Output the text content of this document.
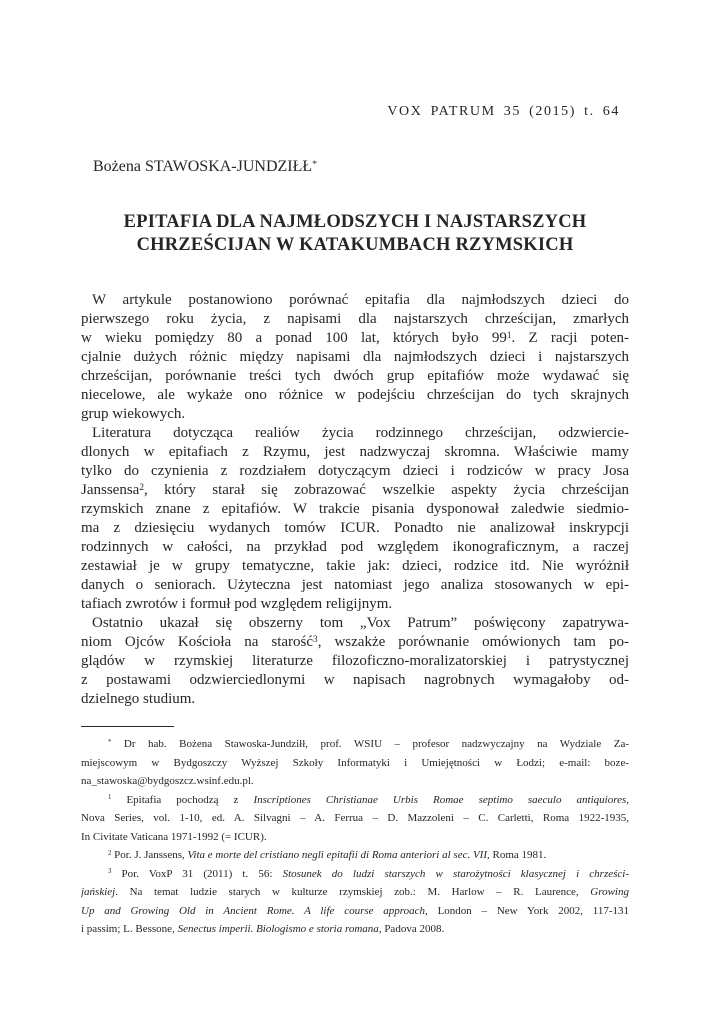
VOX PATRUM 35 (2015) t. 64
Bożena STAWOSKA-JUNDZIŁŁ*
EPITAFIA DLA NAJMŁODSZYCH I NAJSTARSZYCH
CHRZEŚCIJAN W KATAKUMBACH RZYMSKICH
W artykule postanowiono porównać epitafia dla najmłodszych dzieci do
pierwszego roku życia, z napisami dla najstarszych chrześcijan, zmarłych
w wieku pomiędzy 80 a ponad 100 lat, których było $99^1$. Z racji poten-
cjalnie dużych różnic między napisami dla najmłodszych dzieci i najstarszych
chrześcijan, porównanie treści tych dwóch grup epitafiów może wydawać się
niecelowe, ale wykaże ono różnice w podejściu chrześcijan do tych skrajnych
grup wiekowych.
Literatura dotycząca realiów życia rodzinnego chrześcijan, odzwiercie-
dlonych w epitafiach z Rzymu, jest nadzwyczaj skromna. Właściwie mamy
tylko do czynienia z rozdziałem dotyczącym dzieci i rodziców w pracy Josa
Janssensa$^2$, który starał się zobrazować wszelkie aspekty życia chrześcijan
rzymskich znane z epitafiów. W trakcie pisania dysponował zaledwie siedmio-
ma z dziesięciu wydanych tomów ICUR. Ponadto nie analizował inskrypcji
rodzinnych w całości, na przykład pod względem ikonograficznym, a raczej
zestawiał je w grupy tematyczne, takie jak: dzieci, rodzice itd. Nie wyróżnił
danych o seniorach. Użyteczna jest natomiast jego analiza stosowanych w epi-
tafiach zwrotów i formuł pod względem religijnym.
Ostatnio ukazał się obszerny tom „Vox Patrum” poświęcony zapatrywa-
niom Ojców Kościoła na starość$^3$, wszakże porównanie omówionych tam po-
glądów w rzymskiej literaturze filozoficzno-moralizatorskiej i patrystycznej
z postawami odzwierciedlonymi w napisach nagrobnych wymagałoby od-
dzielnego studium.
* Dr hab. Bożena Stawoska-Jundziłł, prof. WSIU – profesor nadzwyczajny na Wydziale Za-
miejscowym w Bydgoszczy Wyższej Szkoły Informatyki i Umiejętności w Łodzi; e-mail: boze-
na_stawoska@bydgoszcz.wsinf.edu.pl.
$^1$ Epitafia pochodzą z Inscriptiones Christianae Urbis Romae septimo saeculo antiquiores,
Nova Series, vol. 1-10, ed. A. Silvagni – A. Ferrua – D. Mazzoleni – C. Carletti, Roma 1922-1935,
In Civitate Vaticana 1971-1992 (= ICUR).
$^2$ Por. J. Janssens, Vita e morte del cristiano negli epitafii di Roma anteriori al sec. VII, Roma 1981.
$^3$ Por. VoxP 31 (2011) t. 56: Stosunek do ludzi starszych w starożytności klasycznej i chrześci-
jańskiej. Na temat ludzie starych w kulturze rzymskiej zob.: M. Harlow – R. Laurence, Growing
Up and Growing Old in Ancient Rome. A life course approach, London – New York 2002, 117-131
i passim; L. Bessone, Senectus imperii. Biologismo e storia romana, Padova 2008.
